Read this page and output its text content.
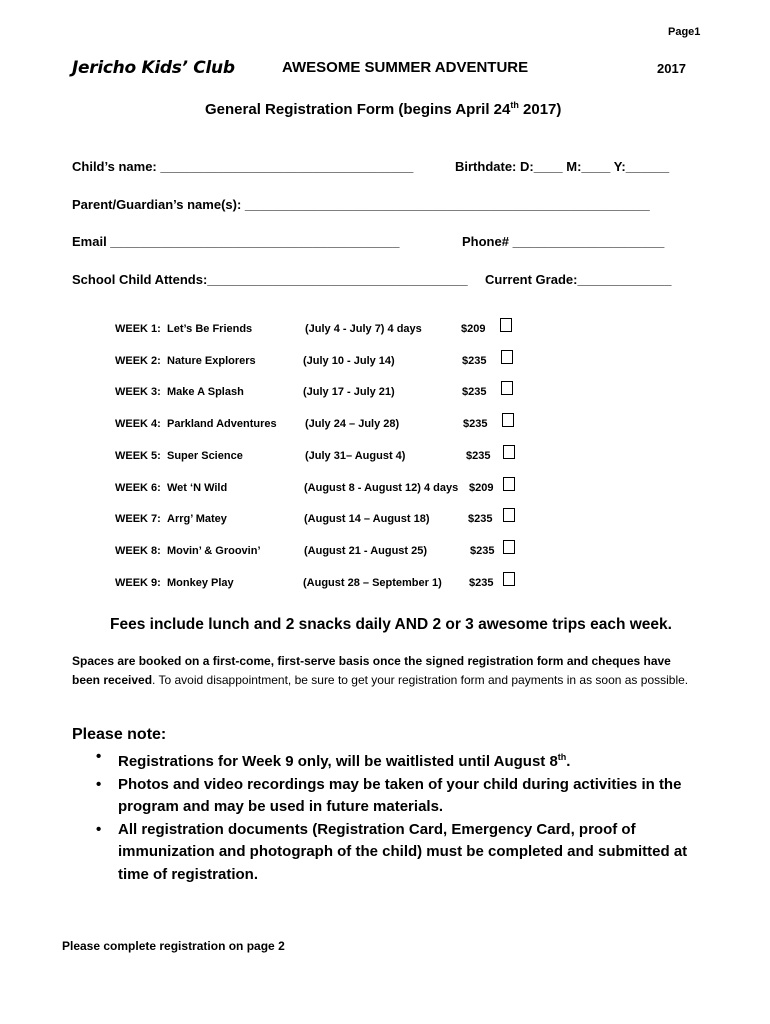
Page1
Jericho Kids’ Club	AWESOME SUMMER ADVENTURE	2017
General Registration Form (begins April 24th 2017)
Child’s name: ___________________________________	Birthdate: D:____ M:____ Y:______
Parent/Guardian’s name(s): ________________________________________________________
Email ________________________________________	Phone# _____________________
School Child Attends:____________________________________ Current Grade:_____________
WEEK 1: Let’s Be Friends	(July 4 - July 7) 4 days	$209
WEEK 2: Nature Explorers	(July 10 - July 14)	$235
WEEK 3: Make A Splash	(July 17 - July 21)	$235
WEEK 4: Parkland Adventures	(July 24 – July 28)	$235
WEEK 5: Super Science	(July 31– August 4)	$235
WEEK 6: Wet ‘N Wild	(August 8 - August 12) 4 days $209
WEEK 7: Arrg’ Matey	(August 14 – August 18)	$235
WEEK 8: Movin’ & Groovin’	(August 21 - August 25)	$235
WEEK 9: Monkey Play	(August 28 – September 1) $235
Fees include lunch and 2 snacks daily AND 2 or 3 awesome trips each week.
Spaces are booked on a first-come, first-serve basis once the signed registration form and cheques have been received. To avoid disappointment, be sure to get your registration form and payments in as soon as possible.
Please note:
• Registrations for Week 9 only, will be waitlisted until August 8th.
• Photos and video recordings may be taken of your child during activities in the program and may be used in future materials.
• All registration documents (Registration Card, Emergency Card, proof of immunization and photograph of the child) must be completed and submitted at time of registration.
Please complete registration on page 2
